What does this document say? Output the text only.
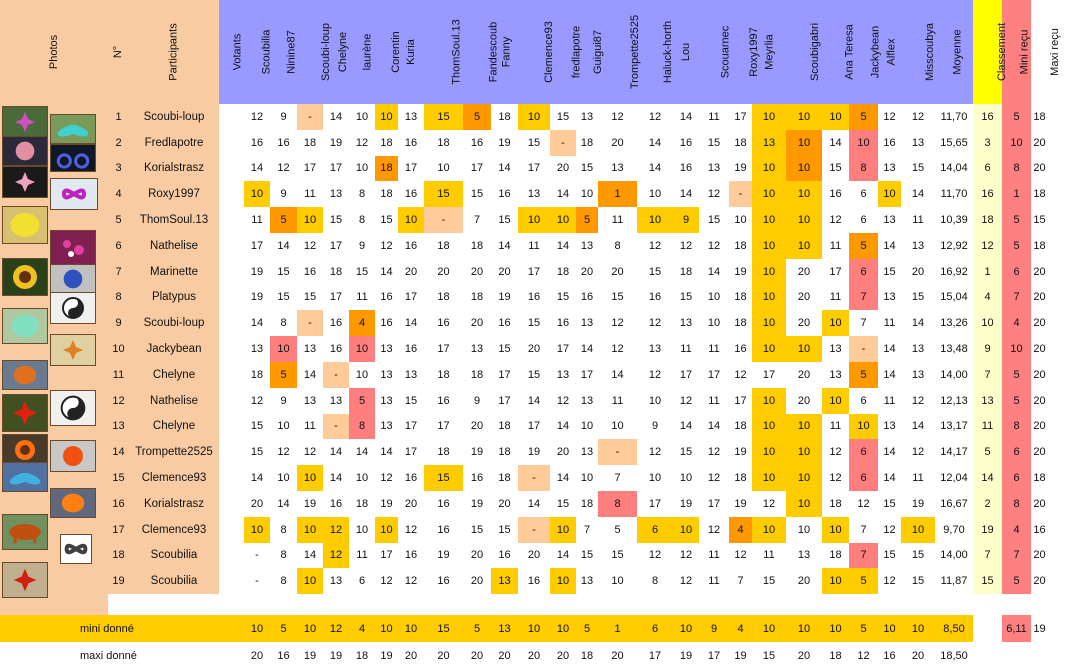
Photos	N°	Participants	Votants	Scoubilia	Ninine87	Scoubi-loup	Chelyne	laurène	Corentin	Kuria	ThomSoul.13	Fandescoub	Fanny	Clemence93	fredlapotre	Guigui87	Trompette2525	Haluck-horth	Lou	Scouarnec	Roxy1997	Meyrlia	Scoubigabri	Ana Teresa	Jackybean	Alflex	Misscoubya	Moyenne	Classement	Mini reçu	Maxi reçu
	1	Scoubi-loup		12	9	-	14	10	10	13	15	5	18	10	15	13	12	12	14	11	17	10	10	10	5	12	12	11,70	16	5	18
	2	Fredlapotre		16	16	18	19	12	18	16	18	16	19	15	-	18	20	14	16	15	18	13	10	14	10	16	13	15,65	3	10	20
	3	Korialstrasz		14	12	17	17	10	18	17	10	17	14	17	20	15	13	14	16	13	19	10	10	15	8	13	15	14,04	6	8	20
	4	Roxy1997		10	9	11	13	8	18	16	15	15	16	13	14	10	1	10	14	12	-	10	10	16	6	10	14	11,70	16	1	18
	5	ThomSoul.13		11	5	10	15	8	15	10	-	7	15	10	10	5	11	10	9	15	10	10	10	12	6	13	11	10,39	18	5	15
	6	Nathelise		17	14	12	17	9	12	16	18	18	14	11	14	13	8	12	12	12	18	10	10	11	5	14	13	12,92	12	5	18
	7	Marinette		19	15	16	18	15	14	20	20	20	20	17	18	20	20	15	18	14	19	10	20	17	6	15	20	16,92	1	6	20
	8	Platypus		19	15	15	17	11	16	17	18	18	19	16	15	16	15	16	15	10	18	10	20	11	7	13	15	15,04	4	7	20
	9	Scoubi-loup		14	8	-	16	4	16	14	16	20	16	15	16	13	12	12	13	10	18	10	20	10	7	11	14	13,26	10	4	20
	10	Jackybean		13	10	13	16	10	13	16	17	13	15	20	17	14	12	13	11	11	16	10	10	13	-	14	13	13,48	9	10	20
	11	Chelyne		18	5	14	-	10	13	13	18	18	17	15	13	17	14	12	17	17	12	17	20	13	5	14	13	14,00	7	5	20
	12	Nathelise		12	9	13	13	5	13	15	16	9	17	14	12	13	11	10	12	11	17	10	20	10	6	11	12	12,13	13	5	20
	13	Chelyne		15	10	11	-	8	13	17	17	20	18	17	14	10	10	9	14	14	18	10	10	11	10	13	14	13,17	11	8	20
	14	Trompette2525		15	12	12	14	14	14	17	18	19	18	19	20	13	-	12	15	12	19	10	10	12	6	14	12	14,17	5	6	20
	15	Clemence93		14	10	10	14	10	12	16	15	16	18	-	14	10	7	10	10	12	18	10	10	12	6	14	11	12,04	14	6	18
	16	Korialstrasz		20	14	19	16	18	19	20	16	19	20	14	15	18	8	17	19	17	19	12	10	18	12	15	19	16,67	2	8	20
	17	Clemence93		10	8	10	12	10	10	12	16	15	15	-	10	7	5	6	10	12	4	10	10	10	7	12	10	9,70	19	4	16
	18	Scoubilia		-	8	14	12	11	17	16	19	20	16	20	14	15	15	12	12	11	12	11	13	18	7	15	15	14,00	7	7	20
	19	Scoubilia		-	8	10	13	6	12	12	16	20	13	16	10	13	10	8	12	11	7	15	20	10	5	12	15	11,87	15	5	20

mini donné				10	5	10	12	4	10	10	15	5	13	10	10	5	1	6	10	9	4	10	10	10	5	10	10	8,50		6,11	19
maxi donné				20	16	19	19	18	19	20	20	20	20	20	20	18	20	17	19	17	19	15	20	18	12	16	20	18,50			
